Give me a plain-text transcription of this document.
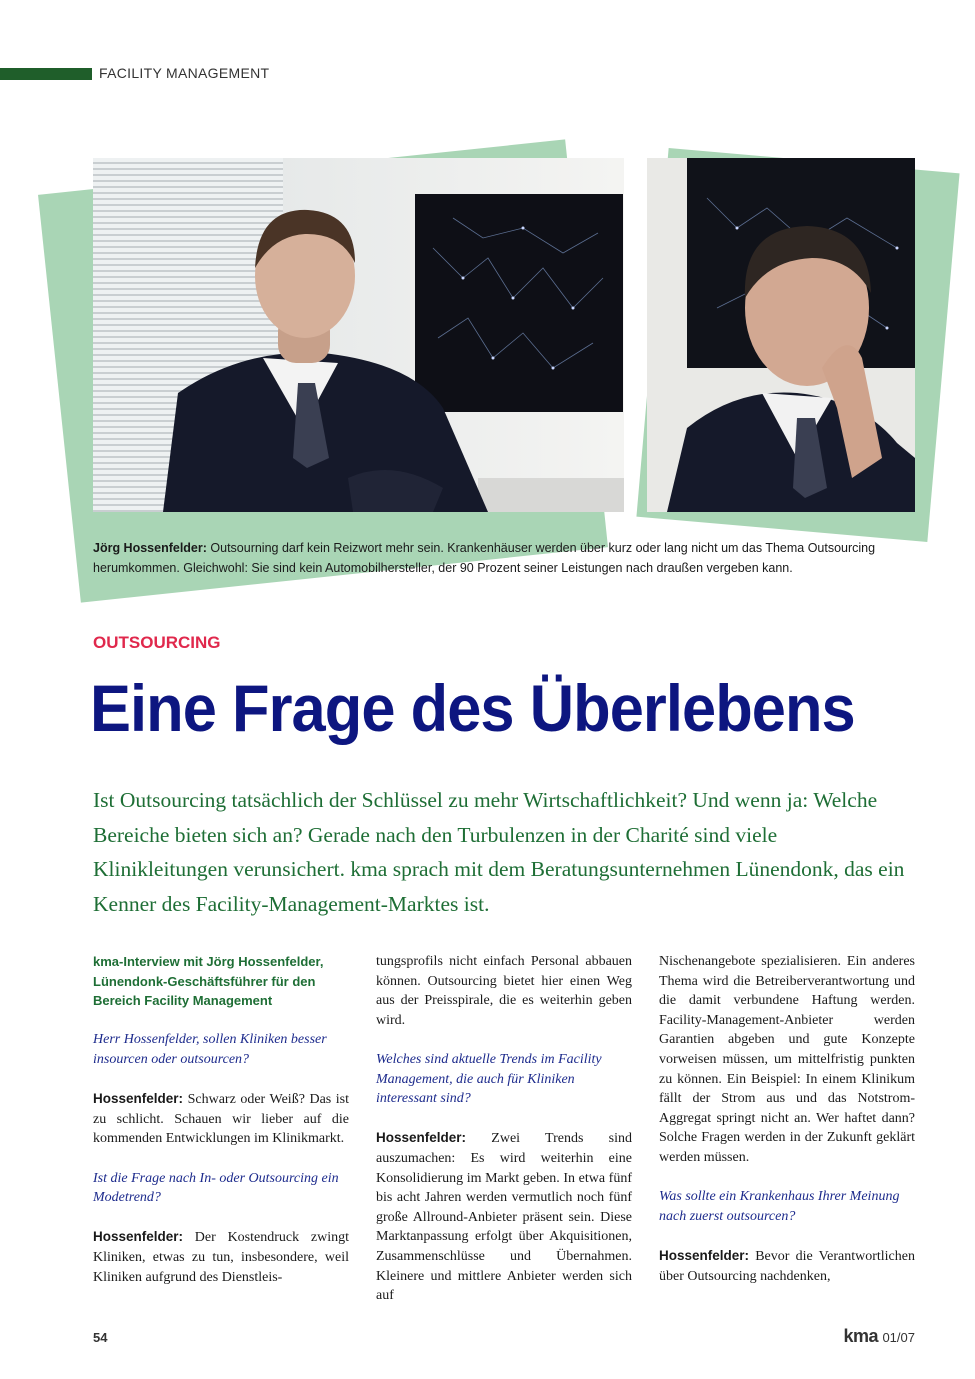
FACILITY MANAGEMENT
Jörg Hossenfelder: Outsourning darf kein Reizwort mehr sein. Krankenhäuser werden über kurz oder lang nicht um das Thema Outsourcing herumkommen. Gleichwohl: Sie sind kein Automobilhersteller, der 90 Prozent seiner Leistungen nach draußen vergeben kann.
OUTSOURCING
Eine Frage des Überlebens
Ist Outsourcing tatsächlich der Schlüssel zu mehr Wirtschaftlichkeit? Und wenn ja: Welche Bereiche bieten sich an? Gerade nach den Turbulenzen in der Charité sind viele Klinikleitungen verunsichert. kma sprach mit dem Beratungsunternehmen Lünendonk, das ein Kenner des Facility-Management-Marktes ist.

kma-Interview mit Jörg Hossenfelder, Lünendonk-Geschäftsführer für den Bereich Facility Management

Herr Hossenfelder, sollen Kliniken besser insourcen oder outsourcen?

Hossenfelder: Schwarz oder Weiß? Das ist zu schlicht. Schauen wir lieber auf die kommenden Entwicklungen im Klinikmarkt.

Ist die Frage nach In- oder Outsourcing ein Modetrend?

Hossenfelder: Der Kostendruck zwingt Kliniken, etwas zu tun, insbesondere, weil Kliniken aufgrund des Dienstleis-

tungsprofils nicht einfach Personal abbauen können. Outsourcing bietet hier einen Weg aus der Preisspirale, die es weiterhin geben wird.

Welches sind aktuelle Trends im Facility Management, die auch für Kliniken interessant sind?

Hossenfelder: Zwei Trends sind auszumachen: Es wird weiterhin eine Konsolidierung im Markt geben. In etwa fünf bis acht Jahren werden vermutlich noch fünf große Allround-Anbieter präsent sein. Diese Marktanpassung erfolgt über Akquisitionen, Zusammenschlüsse und Übernahmen. Kleinere und mittlere Anbieter werden sich auf

Nischenangebote spezialisieren. Ein anderes Thema wird die Betreiberverantwortung und die damit verbundene Haftung werden. Facility-Management-Anbieter werden Garantien abgeben und gute Konzepte vorweisen müssen, um mittelfristig punkten zu können. Ein Beispiel: In einem Klinikum fällt der Strom aus und das Notstrom-Aggregat springt nicht an. Wer haftet dann? Solche Fragen werden in der Zukunft geklärt werden müssen.

Was sollte ein Krankenhaus Ihrer Meinung nach zuerst outsourcen?

Hossenfelder: Bevor die Verantwortlichen über Outsourcing nachdenken,

54	kma 01/07
